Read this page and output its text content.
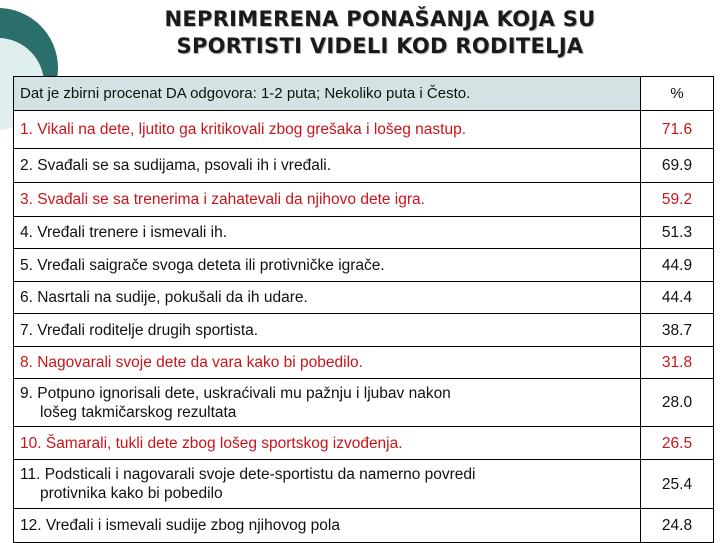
NEPRIMERENA PONAŠANJA KOJA SU
SPORTISTI VIDELI KOD RODITELJA
Dat je zbirni procenat DA odgovora: 1-2 puta; Nekoliko puta i Često.	%

1. Vikali na dete, ljutito ga kritikovali zbog grešaka i lošeg nastup.	71.6

2. Svađali se sa sudijama, psovali ih i vređali.	69.9

3. Svađali se sa trenerima i zahatevali da njihovo dete igra.	59.2

4. Vređali trenere i ismevali ih.	51.3

5. Vređali saigrače svoga deteta ili protivničke igrače.	44.9

6. Nasrtali na sudije, pokušali da ih udare.	44.4

7. Vređali roditelje drugih sportista.	38.7

8. Nagovarali svoje dete da vara kako bi pobedilo.	31.8

9. Potpuno ignorisali dete, uskraćivali mu pažnju i ljubav nakon
lošeg takmičarskog rezultata	28.0

10. Šamarali, tukli dete zbog lošeg sportskog izvođenja.	26.5

11. Podsticali i nagovarali svoje dete-sportistu da namerno povredi
protivnika kako bi pobedilo	25.4

12. Vređali i ismevali sudije zbog njihovog pola	24.8
